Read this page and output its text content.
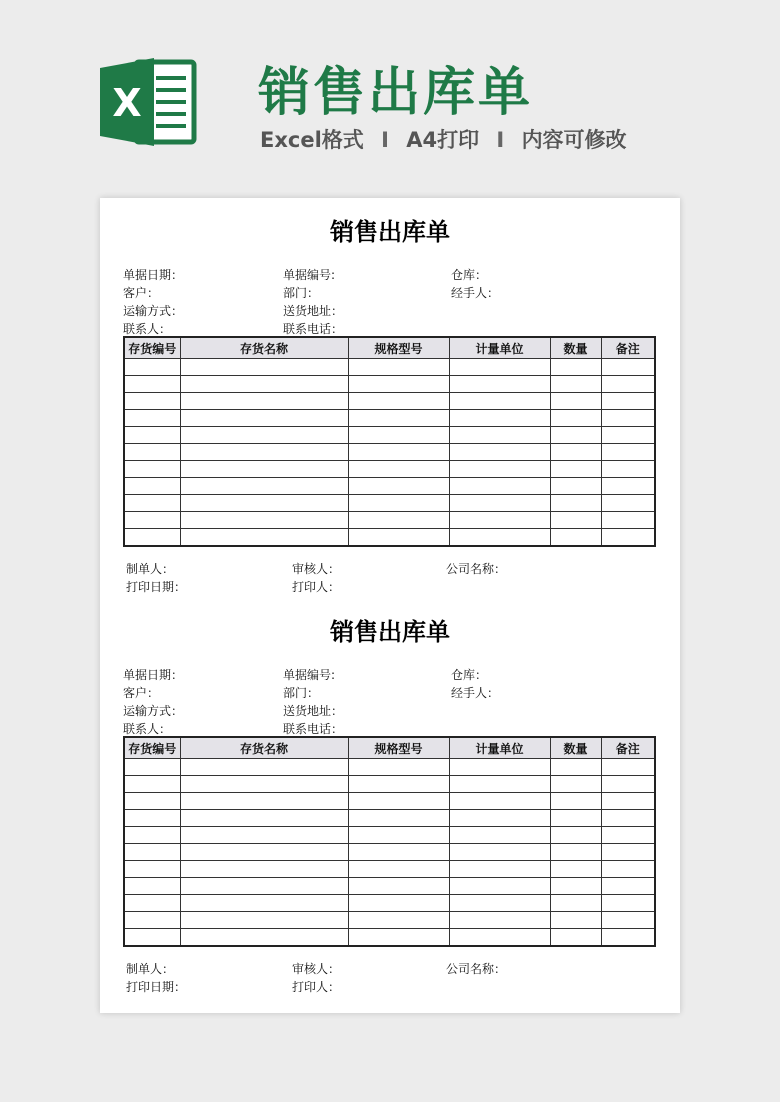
X 销售出库单
Excel格式 I A4打印 I 内容可修改
销售出库单
单据日期：	单据编号:	仓库：
客户：	部门：	经手人：
运输方式：	送货地址：
联系人：	联系电话：
存货编号	存货名称	规格型号	计量单位	数量	备注

制单人：	审核人：	公司名称：
打印日期：	打印人：
销售出库单
单据日期：	单据编号:	仓库：
客户：	部门：	经手人：
运输方式：	送货地址：
联系人：	联系电话：
存货编号	存货名称	规格型号	计量单位	数量	备注

制单人：	审核人：	公司名称：
打印日期：	打印人：
